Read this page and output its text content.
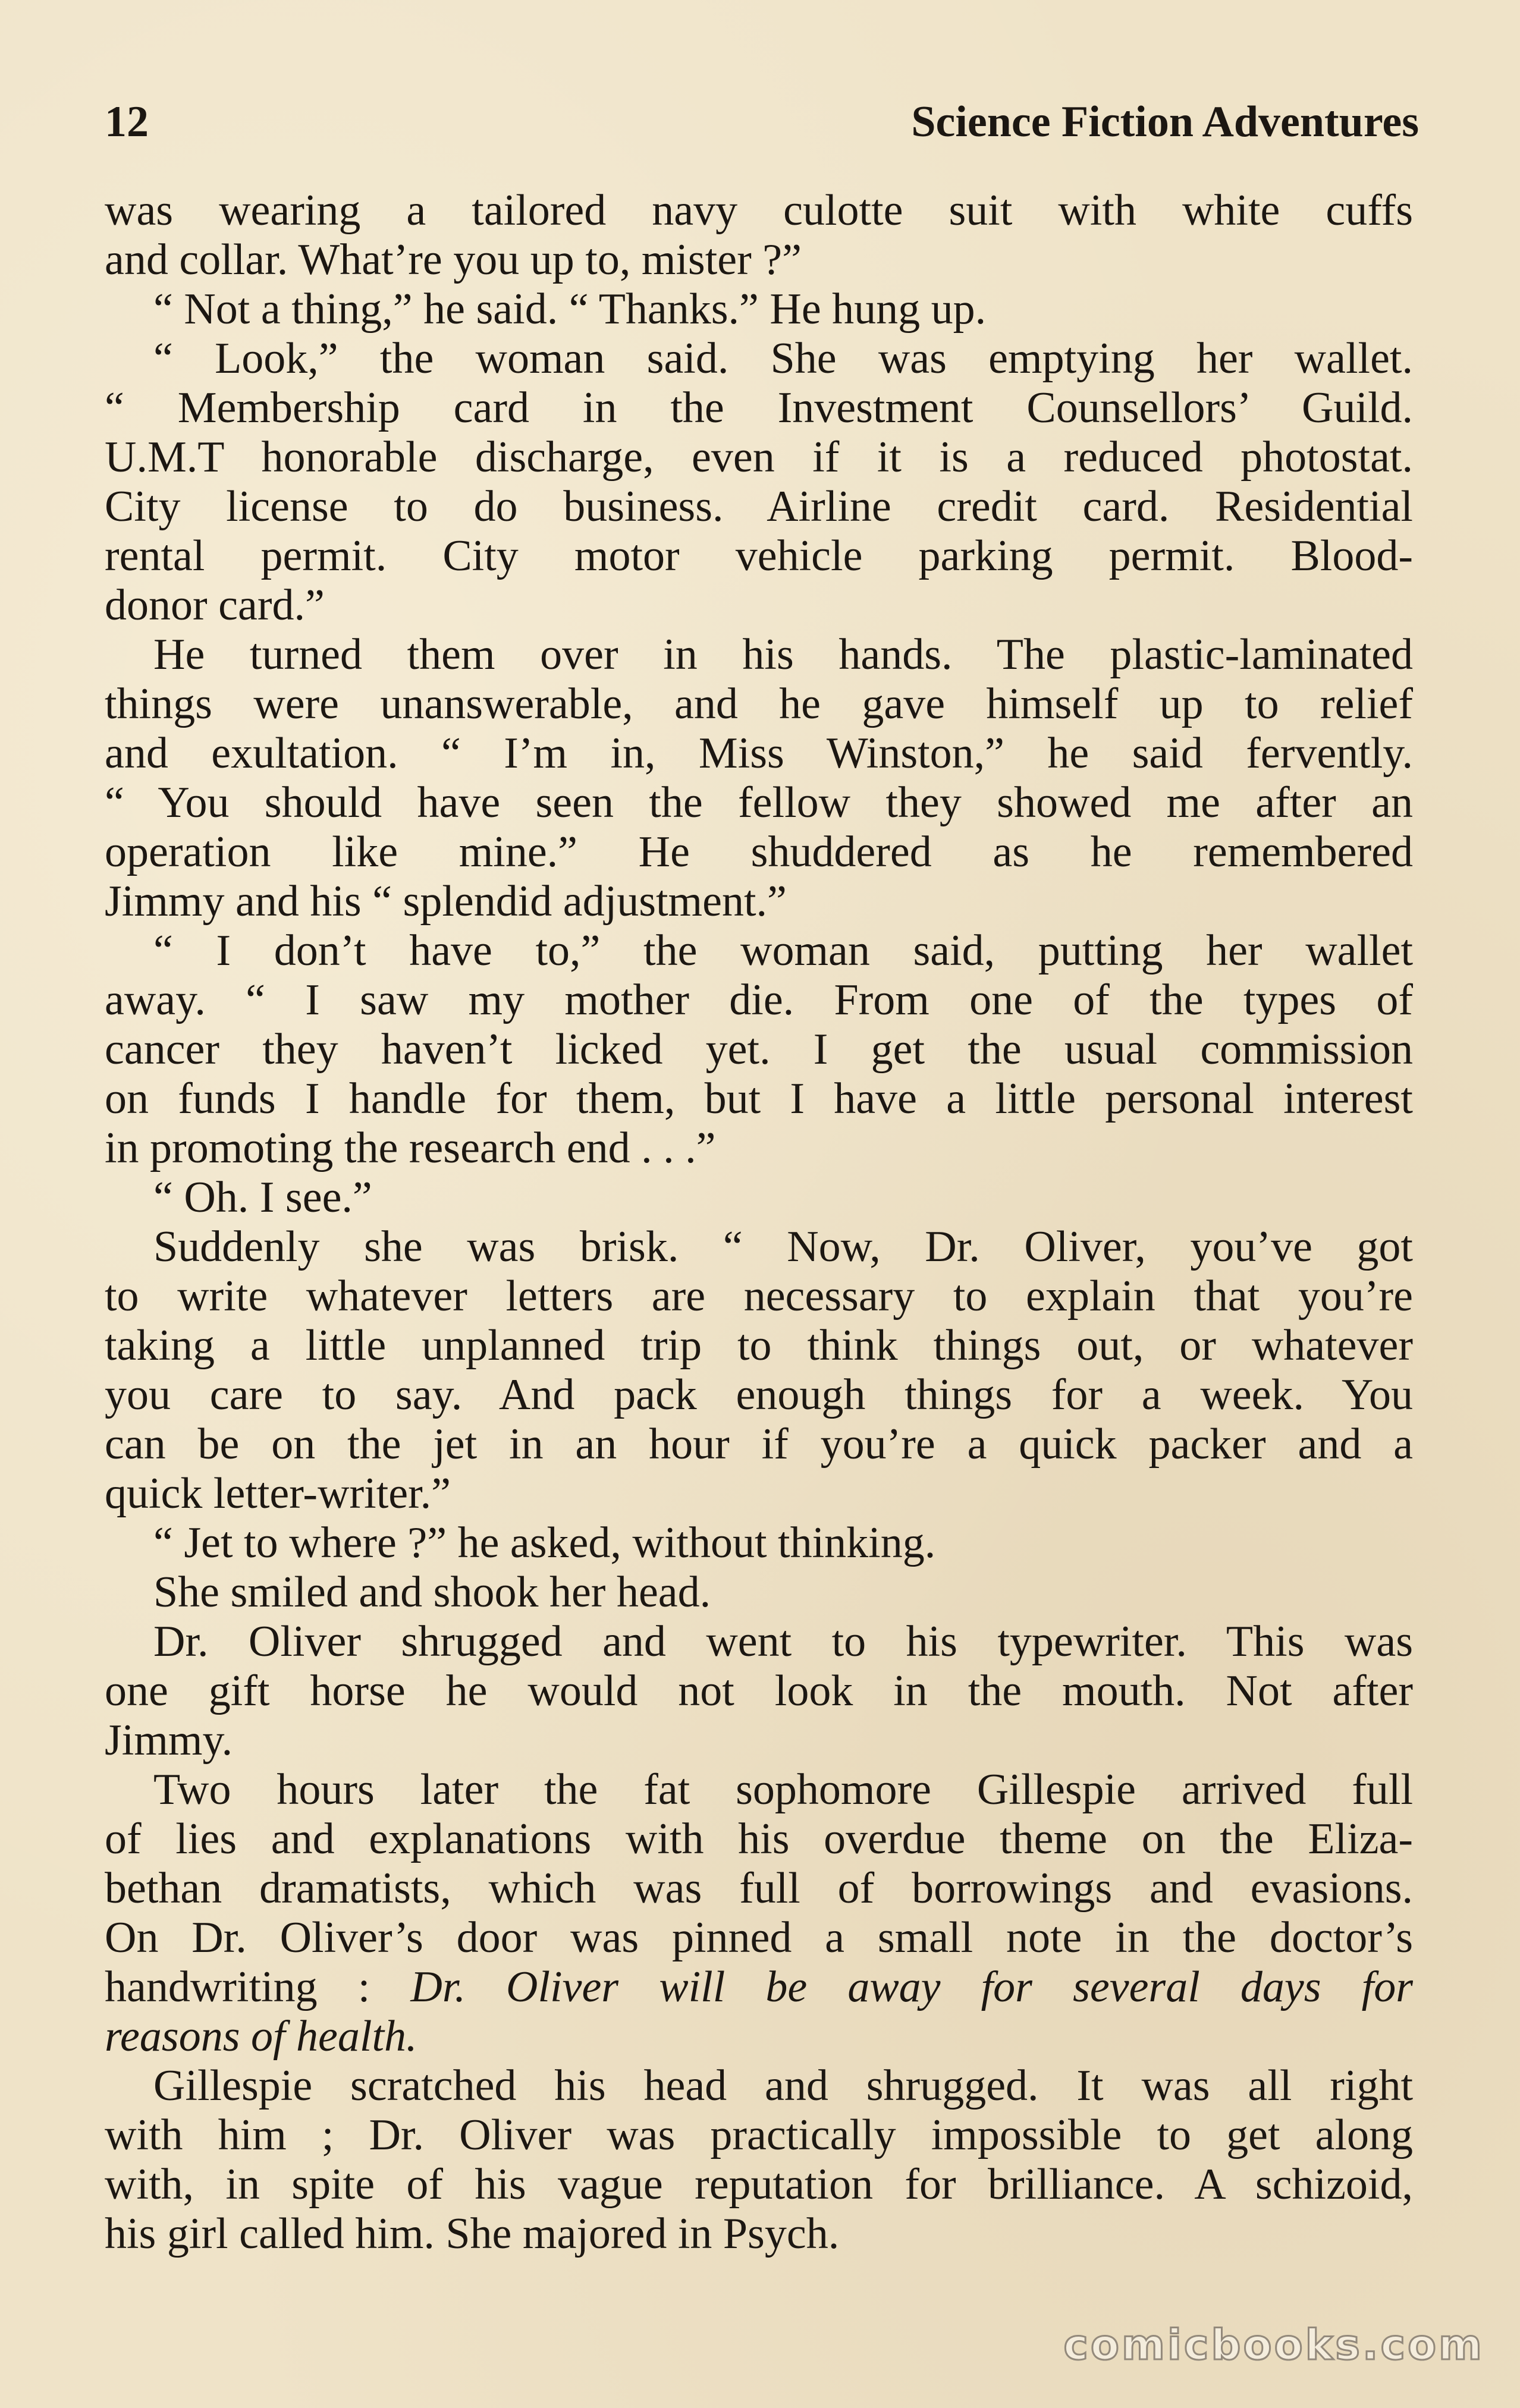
12	Science Fiction Adventures
was wearing a tailored navy culotte suit with white cuffs
and collar. What’re you up to, mister ?”
“ Not a thing,” he said. “ Thanks.” He hung up.
“ Look,” the woman said. She was emptying her wallet.
“ Membership card in the Investment Counsellors’ Guild.
U.M.T honorable discharge, even if it is a reduced photostat.
City license to do business. Airline credit card. Residential
rental permit. City motor vehicle parking permit. Blood-
donor card.”
He turned them over in his hands. The plastic-laminated
things were unanswerable, and he gave himself up to relief
and exultation. “ I’m in, Miss Winston,” he said fervently.
“ You should have seen the fellow they showed me after an
operation like mine.” He shuddered as he remembered
Jimmy and his “ splendid adjustment.”
“ I don’t have to,” the woman said, putting her wallet
away. “ I saw my mother die. From one of the types of
cancer they haven’t licked yet. I get the usual commission
on funds I handle for them, but I have a little personal interest
in promoting the research end . . .”
“ Oh. I see.”
Suddenly she was brisk. “ Now, Dr. Oliver, you’ve got
to write whatever letters are necessary to explain that you’re
taking a little unplanned trip to think things out, or whatever
you care to say. And pack enough things for a week. You
can be on the jet in an hour if you’re a quick packer and a
quick letter-writer.”
“ Jet to where ?” he asked, without thinking.
She smiled and shook her head.
Dr. Oliver shrugged and went to his typewriter. This was
one gift horse he would not look in the mouth. Not after
Jimmy.
Two hours later the fat sophomore Gillespie arrived full
of lies and explanations with his overdue theme on the Eliza-
bethan dramatists, which was full of borrowings and evasions.
On Dr. Oliver’s door was pinned a small note in the doctor’s
handwriting : Dr. Oliver will be away for several days for
reasons of health.
Gillespie scratched his head and shrugged. It was all right
with him ; Dr. Oliver was practically impossible to get along
with, in spite of his vague reputation for brilliance. A schizoid,
his girl called him. She majored in Psych.
comicbooks.com
